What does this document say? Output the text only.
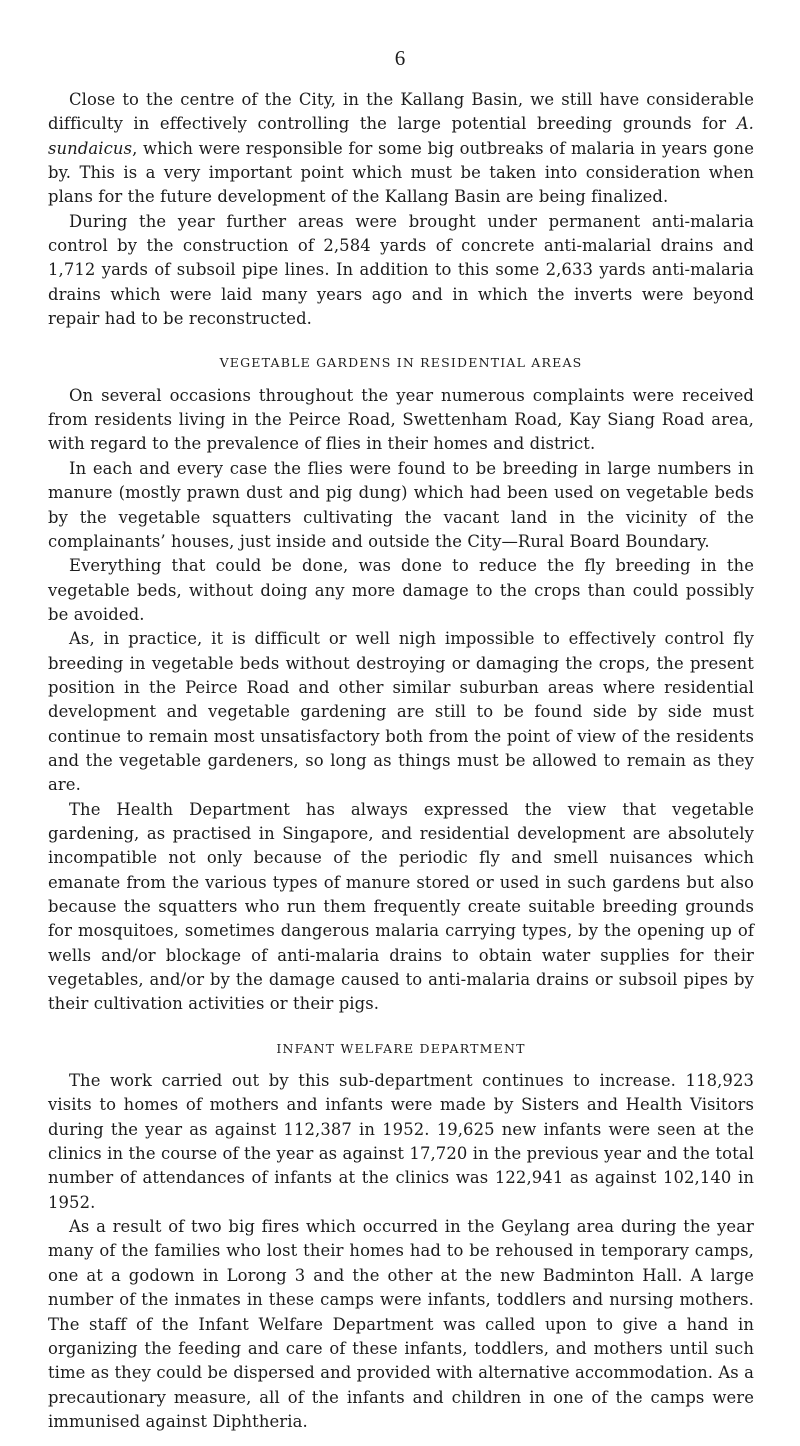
6

Close to the centre of the City, in the Kallang Basin, we still have considerable difficulty in effectively controlling the large potential breeding grounds for A. sundaicus, which were responsible for some big outbreaks of malaria in years gone by. This is a very important point which must be taken into consideration when plans for the future development of the Kallang Basin are being finalized.

During the year further areas were brought under permanent anti-malaria control by the construction of 2,584 yards of concrete anti-malarial drains and 1,712 yards of subsoil pipe lines. In addition to this some 2,633 yards anti-malaria drains which were laid many years ago and in which the inverts were beyond repair had to be reconstructed.

VEGETABLE GARDENS IN RESIDENTIAL AREAS

On several occasions throughout the year numerous complaints were received from residents living in the Peirce Road, Swettenham Road, Kay Siang Road area, with regard to the prevalence of flies in their homes and district.

In each and every case the flies were found to be breeding in large numbers in manure (mostly prawn dust and pig dung) which had been used on vegetable beds by the vegetable squatters cultivating the vacant land in the vicinity of the complainants’ houses, just inside and outside the City—Rural Board Boundary.

Everything that could be done, was done to reduce the fly breeding in the vegetable beds, without doing any more damage to the crops than could possibly be avoided.

As, in practice, it is difficult or well nigh impossible to effectively control fly breeding in vegetable beds without destroying or damaging the crops, the present position in the Peirce Road and other similar suburban areas where residential development and vegetable gardening are still to be found side by side must continue to remain most unsatisfactory both from the point of view of the residents and the vegetable gardeners, so long as things must be allowed to remain as they are.

The Health Department has always expressed the view that vegetable gardening, as practised in Singapore, and residential development are absolutely incompatible not only because of the periodic fly and smell nuisances which emanate from the various types of manure stored or used in such gardens but also because the squatters who run them frequently create suitable breeding grounds for mosquitoes, sometimes dangerous malaria carrying types, by the opening up of wells and/or blockage of anti-malaria drains to obtain water supplies for their vegetables, and/or by the damage caused to anti-malaria drains or subsoil pipes by their cultivation activities or their pigs.

INFANT WELFARE DEPARTMENT

The work carried out by this sub-department continues to increase. 118,923 visits to homes of mothers and infants were made by Sisters and Health Visitors during the year as against 112,387 in 1952. 19,625 new infants were seen at the clinics in the course of the year as against 17,720 in the previous year and the total number of attendances of infants at the clinics was 122,941 as against 102,140 in 1952.

As a result of two big fires which occurred in the Geylang area during the year many of the families who lost their homes had to be rehoused in temporary camps, one at a godown in Lorong 3 and the other at the new Badminton Hall. A large number of the inmates in these camps were infants, toddlers and nursing mothers. The staff of the Infant Welfare Department was called upon to give a hand in organizing the feeding and care of these infants, toddlers, and mothers until such time as they could be dispersed and provided with alternative accommodation. As a precautionary measure, all of the infants and children in one of the camps were immunised against Diphtheria.
